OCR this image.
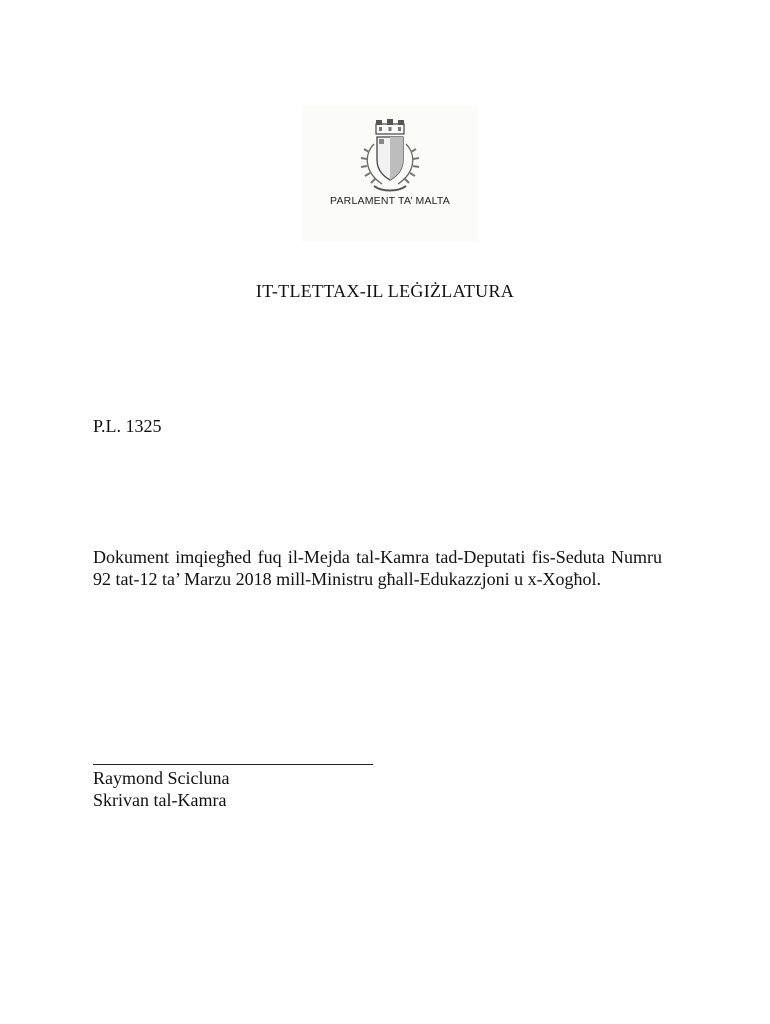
PARLAMENT TA’ MALTA
IT-TLETTAX-IL LEĠIŻLATURA
P.L. 1325
Dokument imqiegħed fuq il-Mejda tal-Kamra tad-Deputati fis-Seduta Numru 92 tat-12 ta’ Marzu 2018 mill-Ministru għall-Edukazzjoni u x-Xogħol.
Raymond Scicluna
Skrivan tal-Kamra
